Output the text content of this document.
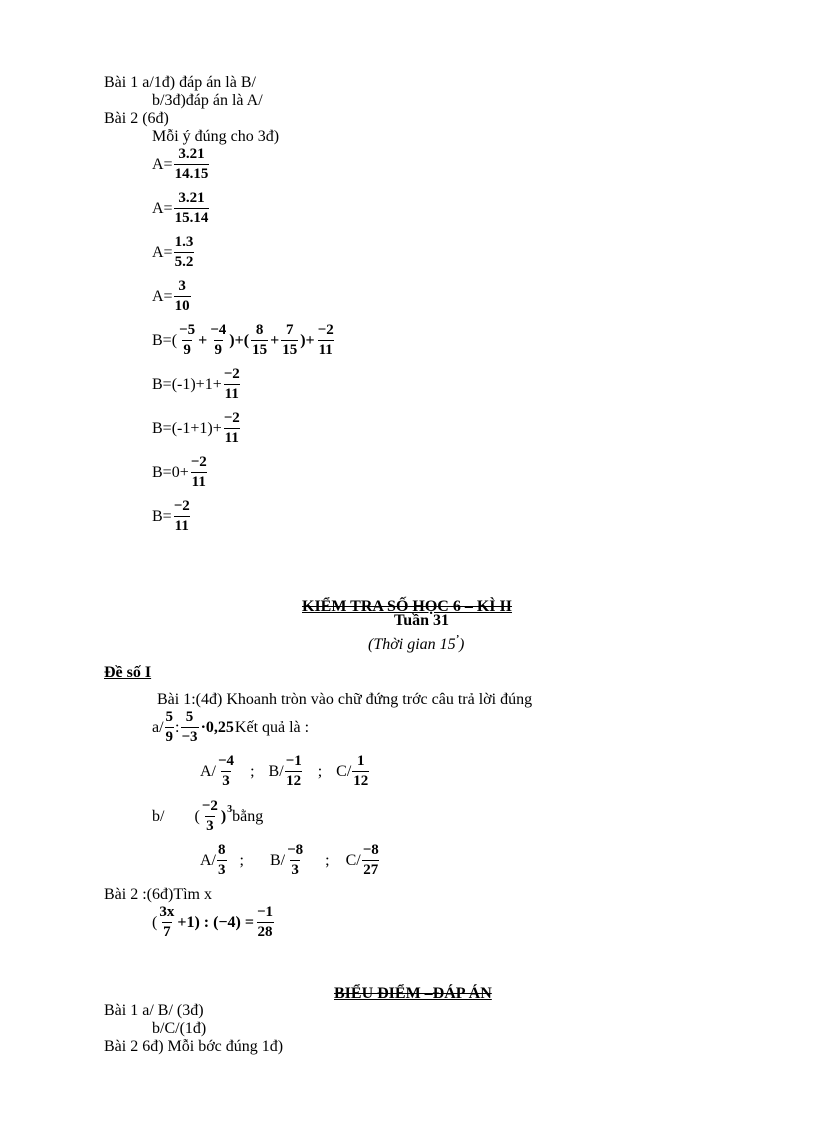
Bài 1 a/1đ) đáp án là B/
b/3đ)đáp án là A/
Bài 2 (6đ)
Mỗi ý đúng cho 3đ)
$A= \frac{3.21}{14.15}$
$A= \frac{3.21}{15.14}$
$A= \frac{1.3}{5.2}$
$A= \frac{3}{10}$
$B=( \frac{-5}{9} + \frac{-4}{9}$ )+( $\frac{8}{15} + \frac{7}{15}$ )+ $\frac{-2}{11}$
$B=(-1)+1+ \frac{-2}{11}$
$B=(-1+1)+ \frac{-2}{11}$
$B=0+ \frac{-2}{11}$
$B= \frac{-2}{11}$
KIỂM TRA SỐ HỌC 6 – KÌ II
Tuần 31
(Thời gian 15’)
Đề số I
Bài 1:(4đ) Khoanh tròn vào chữ đứng trớc câu trả lời đúng
$a/ \frac{5}{9}$ : $\frac{5}{-3} \cdot 0,25$ Kết quả là :
$A/ \frac{-4}{3}$ ; $B/ \frac{-1}{12}$ ; $C/ \frac{1}{12}$
b/ ( $\frac{-2}{3}$ ) 3 bằng
$A/ \frac{8}{3}$ ; $B/ \frac{-8}{3}$ ; $C/ \frac{-8}{27}$
Bài 2 :(6đ)Tìm x
( $\frac{3x}{7} +1$) : $(-4) = \frac{-1}{28}$
BIỂU ĐIỂM –ĐÁP ÁN
Bài 1 a/ B/ (3đ)
b/C/(1đ)
Bài 2 6đ) Mỗi bớc đúng 1đ)
